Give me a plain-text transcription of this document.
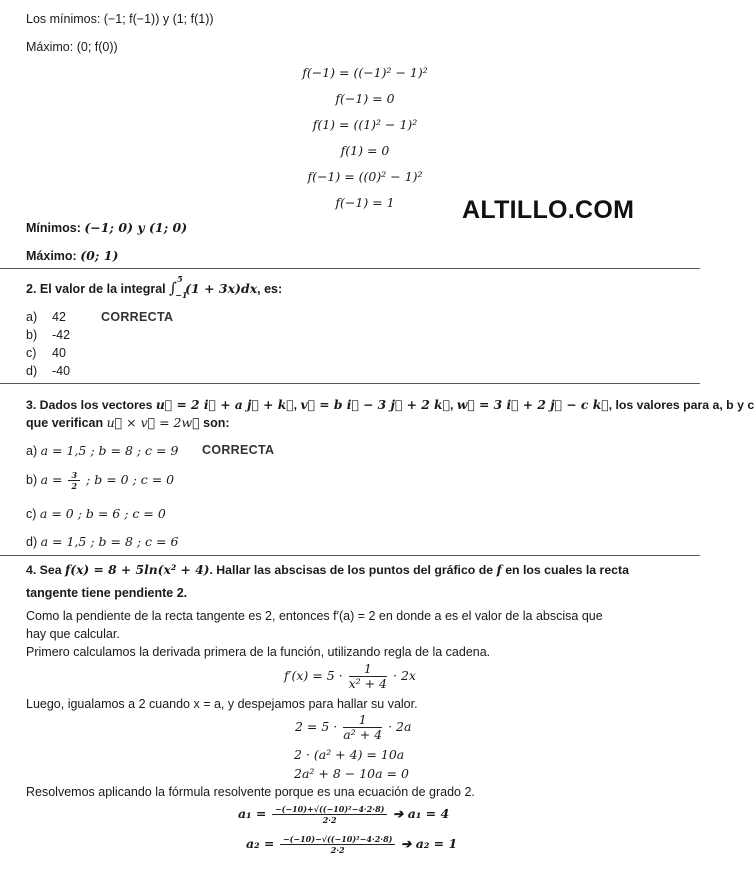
Los mínimos: (−1; f(−1)) y (1; f(1))
Máximo: (0; f(0))
f(−1) = ((−1)² − 1)²
f(−1) = 0
f(1) = ((1)² − 1)²
f(1) = 0
f(−1) = ((0)² − 1)²
f(−1) = 1	ALTILLO.COM
Mínimos: (−1; 0) y (1; 0)
Máximo: (0; 1)
2. El valor de la integral ∫ 5
−1
(1 + 3x)dx, es:
a) 42	CORRECTA
b) -42
c) 40
d) -40
3. Dados los vectores u⃗ = 2 i⃗ + a j⃗ + k⃗, v⃗ = b i⃗ − 3 j⃗ + 2 k⃗, w⃗ = 3 i⃗ + 2 j⃗ − c k⃗, los valores para a, b y c
que verifican u⃗ × v⃗ = 2w⃗ son:
a) a = 1,5 ; b = 8 ; c = 9 CORRECTA
b) $a = \frac{3}{2}$ ; b = 0 ; c = 0
c) a = 0 ; b = 6 ; c = 0
d) a = 1,5 ; b = 8 ; c = 6
4. Sea f(x) = 8 + 5ln(x² + 4). Hallar las abscisas de los puntos del gráfico de f en los cuales la recta
tangente tiene pendiente 2.
Como la pendiente de la recta tangente es 2, entonces f′(a) = 2 en donde a es el valor de la abscisa que
hay que calcular.
Primero calculamos la derivada primera de la función, utilizando regla de la cadena.
$f'(x) = 5 \cdot \frac{1}{\text{x² + 4}} \cdot 2x$
Luego, igualamos a 2 cuando x = a, y despejamos para hallar su valor.
$2 = 5 \cdot \frac{1}{\text{a² + 4}} \cdot 2a$
2 · (a² + 4) = 10a
2a² + 8 − 10a = 0
Resolvemos aplicando la fórmula resolvente porque es una ecuación de grado 2.
$a_1 = \frac{\text{−(−10)+√((−10)²−4·2·8)}}{2\cdot 2}$ ➔ a₁ = 4
$a_2 = \frac{\text{−(−10)−√((−10)²−4·2·8)}}{2\cdot 2}$ ➔ a₂ = 1
